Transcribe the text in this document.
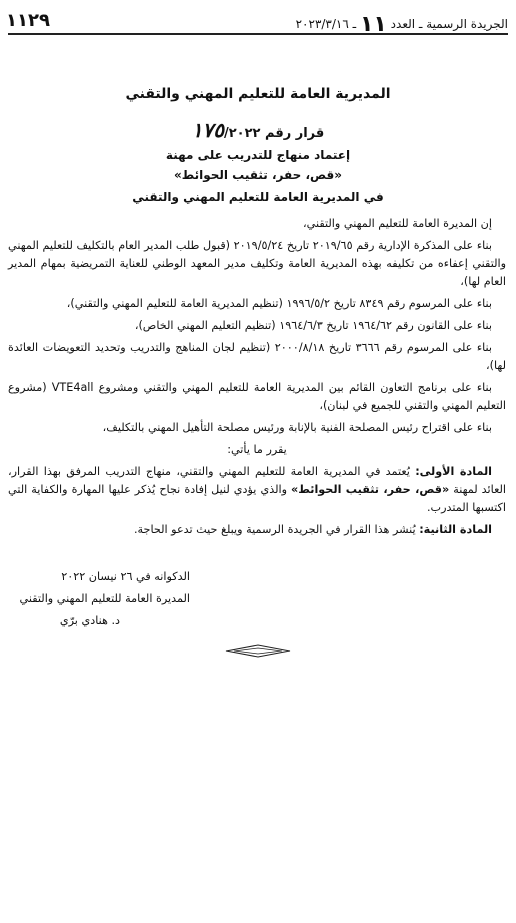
الجريدة الرسمية ـ العدد ١١ ـ ٢٠٢٣/٣/١٦
١١٢٩
المديرية العامة للتعليم المهني والتقني
قرار رقم ١٧٥/٢٠٢٢
إعتماد منهاج للتدريب على مهنة
«قص، حفر، تثقيب الحوائط»
في المديرية العامة للتعليم المهني والتقني

إن المديرة العامة للتعليم المهني والتقني،

بناء على المذكرة الإدارية رقم ٢٠١٩/٦٥ تاريخ ٢٠١٩/٥/٢٤ (قبول طلب المدير العام بالتكليف للتعليم المهني والتقني إعفاءه من تكليفه بهذه المديرية العامة وتكليف مدير المعهد الوطني للعناية التمريضية بمهام المدير العام لها)،

بناء على المرسوم رقم ٨٣٤٩ تاريخ ١٩٩٦/٥/٢ (تنظيم المديرية العامة للتعليم المهني والتقني)،

بناء على القانون رقم ١٩٦٤/٦٢ تاريخ ١٩٦٤/٦/٣ (تنظيم التعليم المهني الخاص)،

بناء على المرسوم رقم ٣٦٦٦ تاريخ ٢٠٠٠/٨/١٨ (تنظيم لجان المناهج والتدريب وتحديد التعويضات العائدة لها)،

بناء على برنامج التعاون القائم بين المديرية العامة للتعليم المهني والتقني ومشروع VTE4all (مشروع التعليم المهني والتقني للجميع في لبنان)،

بناء على اقتراح رئيس المصلحة الفنية بالإنابة ورئيس مصلحة التأهيل المهني بالتكليف،

يقرر ما يأتي:

المادة الأولى: يُعتمد في المديرية العامة للتعليم المهني والتقني، منهاج التدريب المرفق بهذا القرار، العائد لمهنة «قص، حفر، تثقيب الحوائط» والذي يؤدي لنيل إفادة نجاح يُذكر عليها المهارة والكفاية التي اكتسبها المتدرب.

المادة الثانية: يُنشر هذا القرار في الجريدة الرسمية ويبلغ حيث تدعو الحاجة.

الدكوانه في ٢٦ نيسان ٢٠٢٢
المديرة العامة للتعليم المهني والتقني
د. هنادي برّي
